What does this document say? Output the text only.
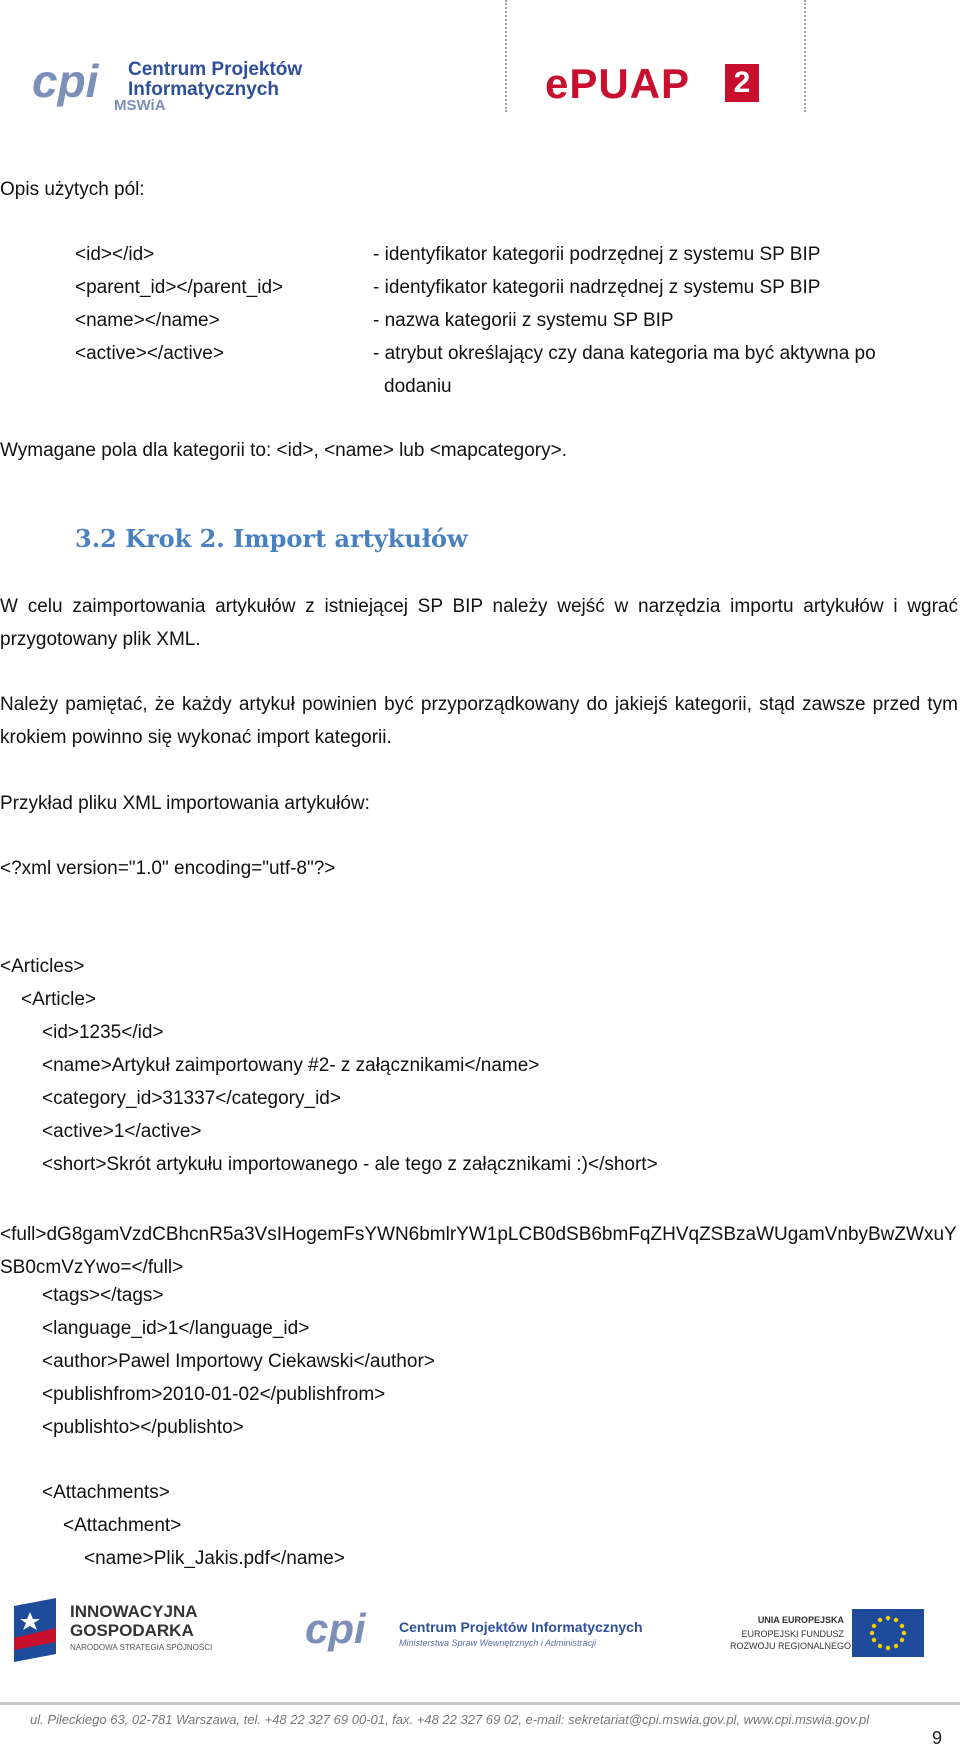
cpi Centrum Projektów
Informatycznych
MSWiA	ePUAP 2
Opis użytych pól:
<id></id>	- identyfikator kategorii podrzędnej z systemu SP BIP
<parent_id></parent_id>	- identyfikator kategorii nadrzędnej z systemu SP BIP
<name></name>	- nazwa kategorii z systemu SP BIP
<active></active>	- atrybut określający czy dana kategoria ma być aktywna po
dodaniu
Wymagane pola dla kategorii to: <id>, <name> lub <mapcategory>.
3.2 Krok 2. Import artykułów
W celu zaimportowania artykułów z istniejącej SP BIP należy wejść w narzędzia importu artykułów i wgrać przygotowany plik XML.
Należy pamiętać, że każdy artykuł powinien być przyporządkowany do jakiejś kategorii, stąd zawsze przed tym krokiem powinno się wykonać import kategorii.
Przykład pliku XML importowania artykułów:
<?xml version="1.0" encoding="utf-8"?>
<Articles>
<Article>
<id>1235</id>
<name>Artykuł zaimportowany #2- z załącznikami</name>
<category_id>31337</category_id>
<active>1</active>
<short>Skrót artykułu importowanego - ale tego z załącznikami :)</short>
<full>dG8gamVzdCBhcnR5a3VsIHogemFsYWN6bmlrYW1pLCB0dSB6bmFqZHVqZSBzaWUgamVnbyBwZWxuYSB0cmVzYwo=</full>
<tags></tags>
<language_id>1</language_id>
<author>Pawel Importowy Ciekawski</author>
<publishfrom>2010-01-02</publishfrom>
<publishto></publishto>
<Attachments>
<Attachment>
<name>Plik_Jakis.pdf</name>
INNOWACYJNA
GOSPODARKA
NARODOWA STRATEGIA SPÓJNOŚCI cpi Centrum Projektów Informatycznych
Ministerstwa Spraw Wewnętrznych i Administracji
UNIA EUROPEJSKA
EUROPEJSKI FUNDUSZ
ROZWOJU REGIONALNEGO
ul. Pileckiego 63, 02-781 Warszawa, tel. +48 22 327 69 00-01, fax. +48 22 327 69 02, e-mail: sekretariat@cpi.mswia.gov.pl, www.cpi.mswia.gov.pl
9
